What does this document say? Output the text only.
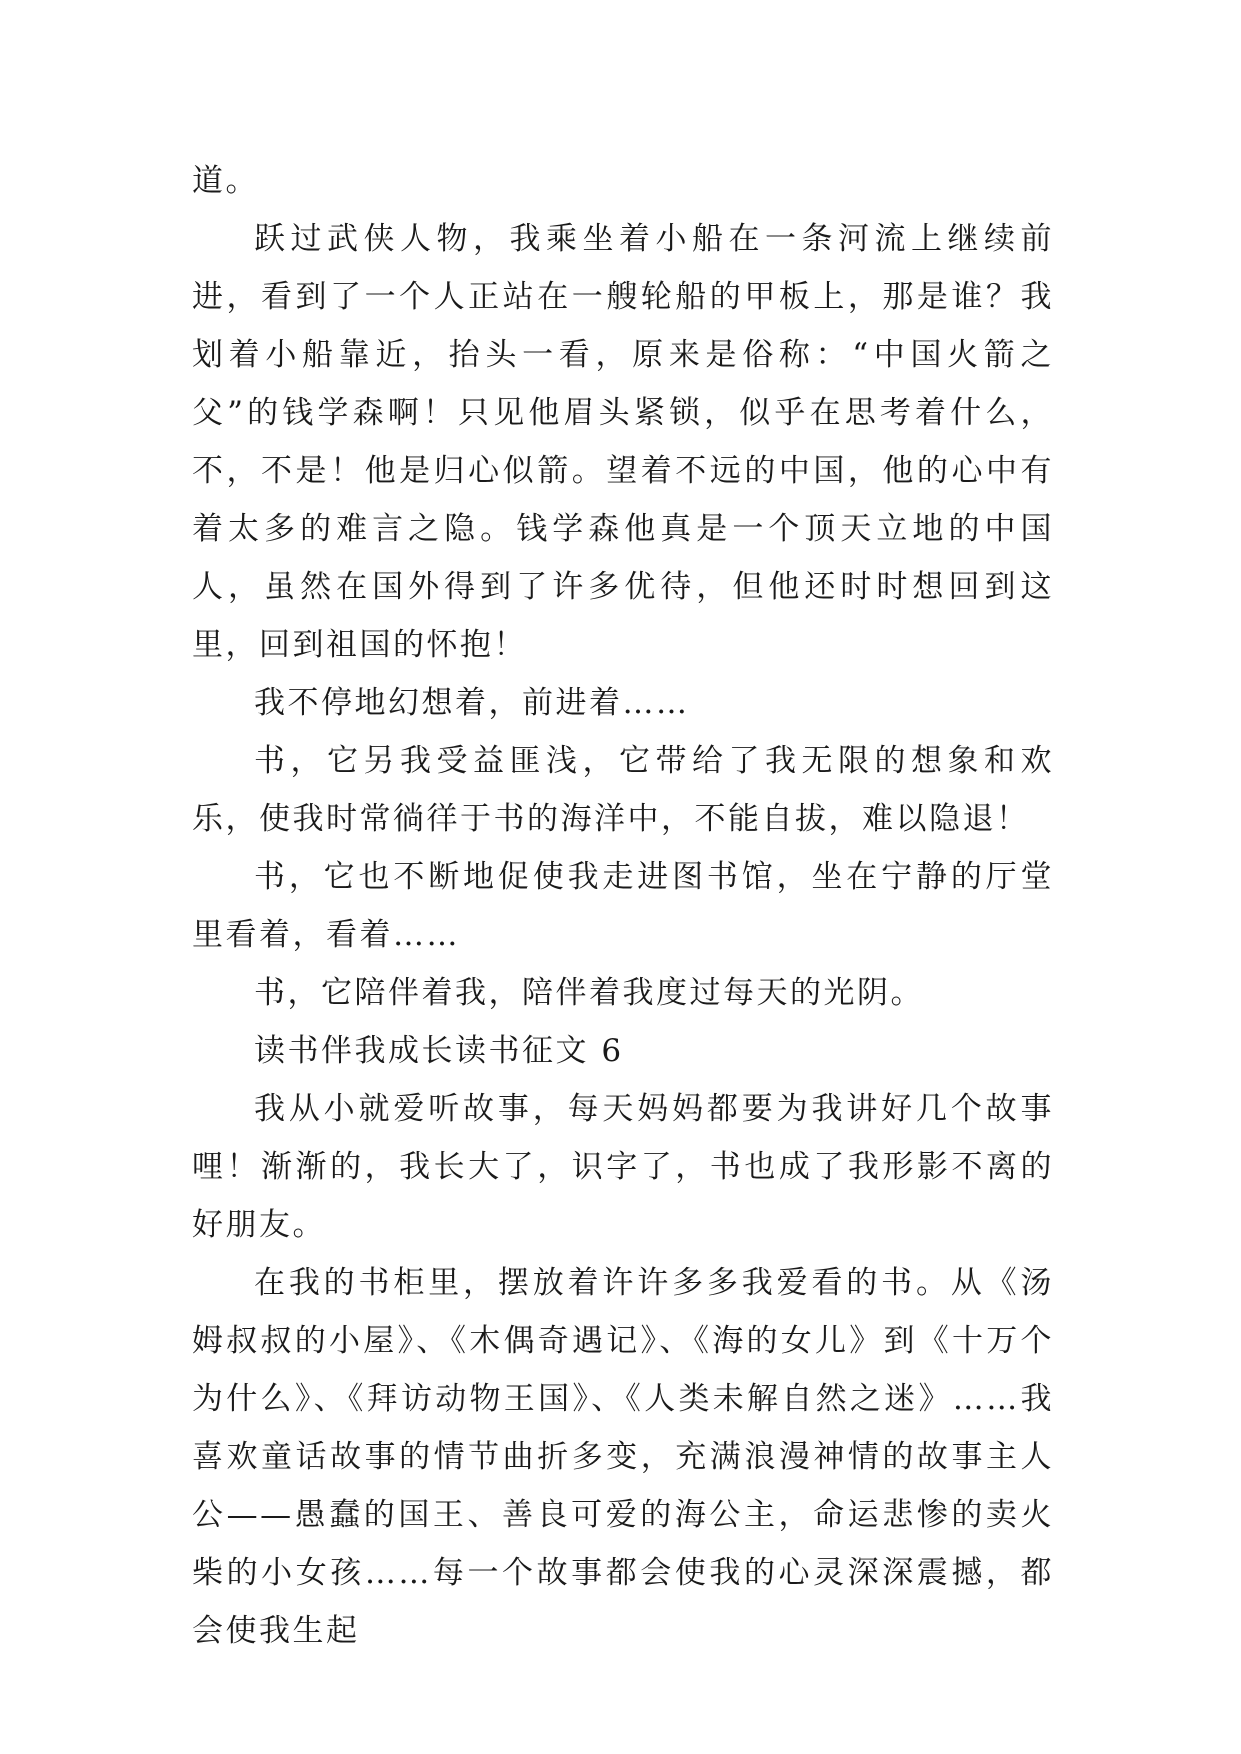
道。

跃过武侠人物，我乘坐着小船在一条河流上继续前进，看到了一个人正站在一艘轮船的甲板上，那是谁？我划着小船靠近，抬头一看，原来是俗称：“中国火箭之父”的钱学森啊！只见他眉头紧锁，似乎在思考着什么，不，不是！他是归心似箭。望着不远的中国，他的心中有着太多的难言之隐。钱学森他真是一个顶天立地的中国人，虽然在国外得到了许多优待，但他还时时想回到这里，回到祖国的怀抱！

我不停地幻想着，前进着……

书，它另我受益匪浅，它带给了我无限的想象和欢乐，使我时常徜徉于书的海洋中，不能自拔，难以隐退！

书，它也不断地促使我走进图书馆，坐在宁静的厅堂里看着，看着……

书，它陪伴着我，陪伴着我度过每天的光阴。

读书伴我成长读书征文 6

我从小就爱听故事，每天妈妈都要为我讲好几个故事哩！渐渐的，我长大了，识字了，书也成了我形影不离的好朋友。

在我的书柜里，摆放着许许多多我爱看的书。从《汤姆叔叔的小屋》、《木偶奇遇记》、《海的女儿》到《十万个为什么》、《拜访动物王国》、《人类未解自然之迷》……我喜欢童话故事的情节曲折多变，充满浪漫神情的故事主人公——愚蠢的国王、善良可爱的海公主，命运悲惨的卖火柴的小女孩……每一个故事都会使我的心灵深深震撼，都会使我生起
